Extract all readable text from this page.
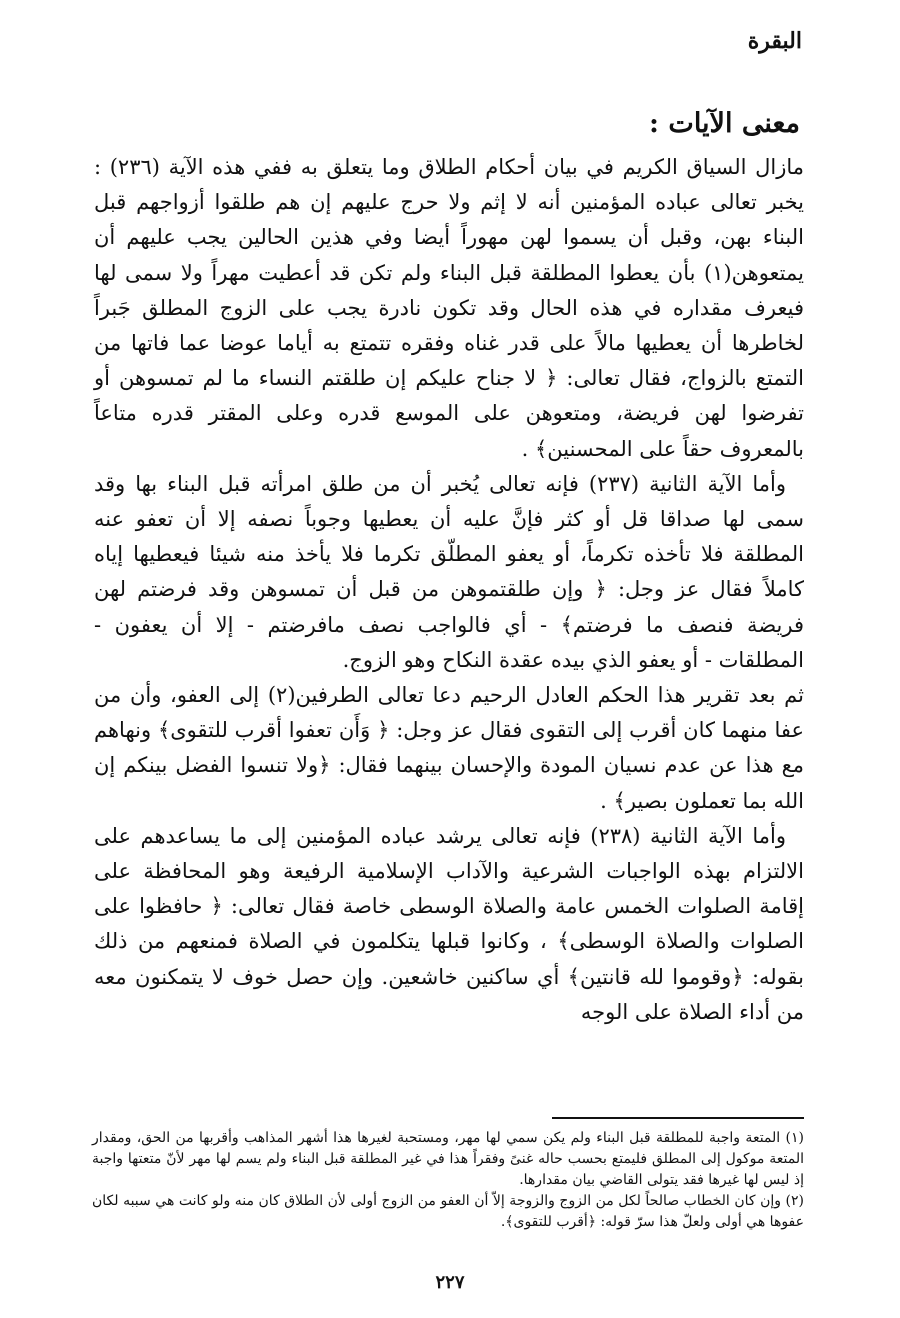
البقرة
معنى الآيات :

مازال السياق الكريم في بيان أحكام الطلاق وما يتعلق به ففي هذه الآية (٢٣٦) : يخبر تعالى عباده المؤمنين أنه لا إثم ولا حرج عليهم إن هم طلقوا أزواجهم قبل البناء بهن، وقبل أن يسموا لهن مهوراً أيضا وفي هذين الحالين يجب عليهم أن يمتعوهن(١) بأن يعطوا المطلقة قبل البناء ولم تكن قد أعطيت مهراً ولا سمى لها فيعرف مقداره في هذه الحال وقد تكون نادرة يجب على الزوج المطلق جَبراً لخاطرها أن يعطيها مالاً على قدر غناه وفقره تتمتع به أياما عوضا عما فاتها من التمتع بالزواج، فقال تعالى: ﴿ لا جناح عليكم إن طلقتم النساء ما لم تمسوهن أو تفرضوا لهن فريضة، ومتعوهن على الموسع قدره وعلى المقتر قدره متاعاً بالمعروف حقاً على المحسنين﴾ .

وأما الآية الثانية (٢٣٧) فإنه تعالى يُخبر أن من طلق امرأته قبل البناء بها وقد سمى لها صداقا قل أو كثر فإنَّ عليه أن يعطيها وجوباً نصفه إلا أن تعفو عنه المطلقة فلا تأخذه تكرماً، أو يعفو المطلّق تكرما فلا يأخذ منه شيئا فيعطيها إياه كاملاً فقال عز وجل: ﴿ وإن طلقتموهن من قبل أن تمسوهن وقد فرضتم لهن فريضة فنصف ما فرضتم﴾ - أي فالواجب نصف مافرضتم - إلا أن يعفون - المطلقات - أو يعفو الذي بيده عقدة النكاح وهو الزوج.

ثم بعد تقرير هذا الحكم العادل الرحيم دعا تعالى الطرفين(٢) إلى العفو، وأن من عفا منهما كان أقرب إلى التقوى فقال عز وجل: ﴿ وَأَن تعفوا أقرب للتقوى﴾ ونهاهم مع هذا عن عدم نسيان المودة والإحسان بينهما فقال: ﴿ولا تنسوا الفضل بينكم إن الله بما تعملون بصير﴾ .

وأما الآية الثانية (٢٣٨) فإنه تعالى يرشد عباده المؤمنين إلى ما يساعدهم على الالتزام بهذه الواجبات الشرعية والآداب الإسلامية الرفيعة وهو المحافظة على إقامة الصلوات الخمس عامة والصلاة الوسطى خاصة فقال تعالى: ﴿ حافظوا على الصلوات والصلاة الوسطى﴾ ، وكانوا قبلها يتكلمون في الصلاة فمنعهم من ذلك بقوله: ﴿وقوموا لله قانتين﴾ أي ساكنين خاشعين. وإن حصل خوف لا يتمكنون معه من أداء الصلاة على الوجه

(١) المتعة واجبة للمطلقة قبل البناء ولم يكن سمي لها مهر، ومستحبة لغيرها هذا أشهر المذاهب وأقربها من الحق، ومقدار المتعة موكول إلى المطلق فليمتع بحسب حاله غنىً وفقراً هذا في غير المطلقة قبل البناء ولم يسم لها مهر لأنّ متعتها واجبة إذ ليس لها غيرها فقد يتولى القاضي بيان مقدارها.

(٢) وإن كان الخطاب صالحاً لكل من الزوج والزوجة إلاّ أن العفو من الزوج أولى لأن الطلاق كان منه ولو كانت هي سببه لكان عفوها هي أولى ولعلّ هذا سرّ قوله: ﴿أقرب للتقوى﴾.

٢٢٧
